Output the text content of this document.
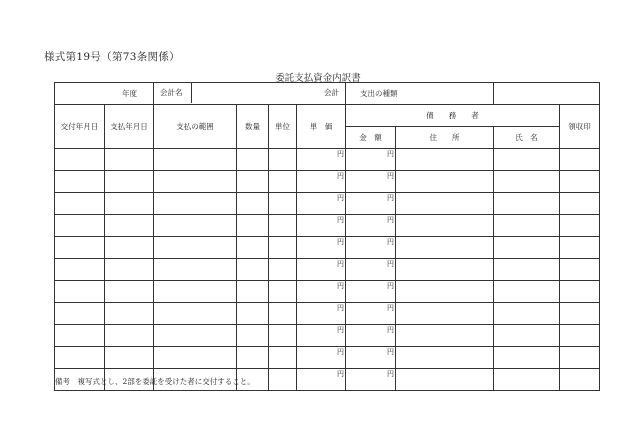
様式第19号（第73条関係）
委託支払資金内訳書
年度		会計名 会計				支出の種類			
交付年月日	支払年月日	支払の範囲	数量	単位	単　価	債　　務　　者			領収印
						金　額	住　　所	氏　名	
					円	円			
					円	円			
					円	円			
					円	円			
					円	円			
					円	円			
					円	円			
					円	円			
					円	円			
					円	円			
					円	円			
備考　複写式とし、2部を委託を受けた者に交付すること。
